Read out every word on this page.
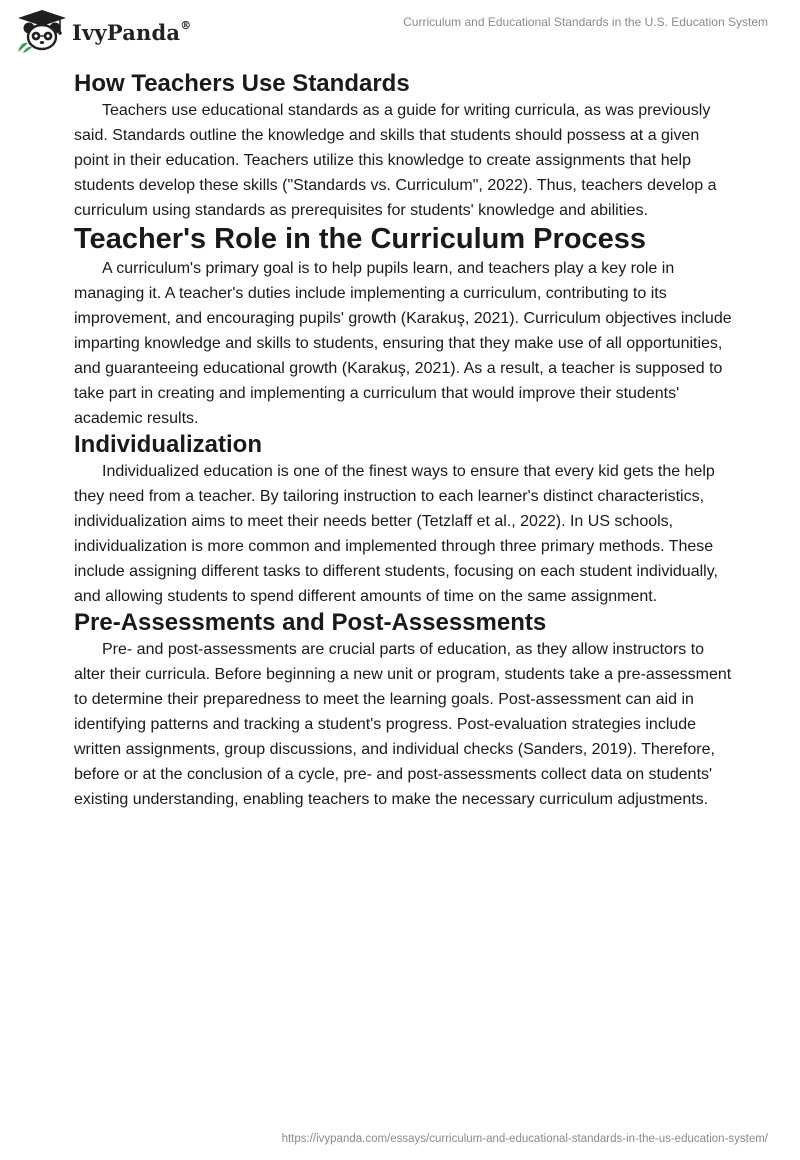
IvyPanda®	Curriculum and Educational Standards in the U.S. Education System
How Teachers Use Standards

Teachers use educational standards as a guide for writing curricula, as was previously said. Standards outline the knowledge and skills that students should possess at a given point in their education. Teachers utilize this knowledge to create assignments that help students develop these skills ("Standards vs. Curriculum", 2022). Thus, teachers develop a curriculum using standards as prerequisites for students' knowledge and abilities.

Teacher's Role in the Curriculum Process

A curriculum's primary goal is to help pupils learn, and teachers play a key role in managing it. A teacher's duties include implementing a curriculum, contributing to its improvement, and encouraging pupils' growth (Karakuş, 2021). Curriculum objectives include imparting knowledge and skills to students, ensuring that they make use of all opportunities, and guaranteeing educational growth (Karakuş, 2021). As a result, a teacher is supposed to take part in creating and implementing a curriculum that would improve their students' academic results.

Individualization

Individualized education is one of the finest ways to ensure that every kid gets the help they need from a teacher. By tailoring instruction to each learner's distinct characteristics, individualization aims to meet their needs better (Tetzlaff et al., 2022). In US schools, individualization is more common and implemented through three primary methods. These include assigning different tasks to different students, focusing on each student individually, and allowing students to spend different amounts of time on the same assignment.

Pre-Assessments and Post-Assessments

Pre- and post-assessments are crucial parts of education, as they allow instructors to alter their curricula. Before beginning a new unit or program, students take a pre-assessment to determine their preparedness to meet the learning goals. Post-assessment can aid in identifying patterns and tracking a student's progress. Post-evaluation strategies include written assignments, group discussions, and individual checks (Sanders, 2019). Therefore, before or at the conclusion of a cycle, pre- and post-assessments collect data on students' existing understanding, enabling teachers to make the necessary curriculum adjustments.

https://ivypanda.com/essays/curriculum-and-educational-standards-in-the-us-education-system/
